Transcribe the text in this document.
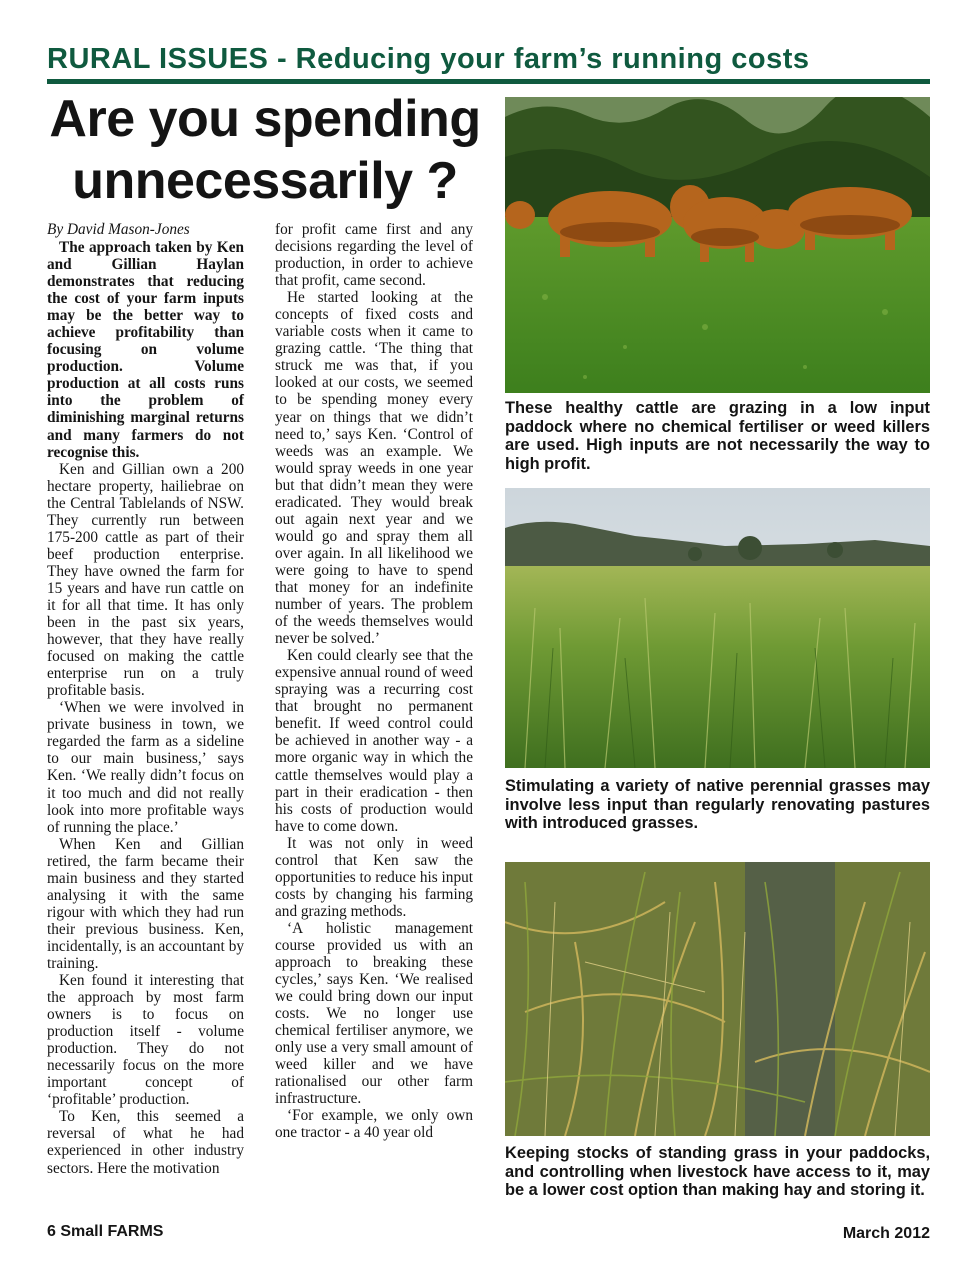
RURAL ISSUES - Reducing your farm’s running costs
Are you spending
unnecessarily ?

By David Mason-Jones

The approach taken by Ken and Gillian Haylan demonstrates that reducing the cost of your farm inputs may be the better way to achieve profitability than focusing on volume production. Volume production at all costs runs into the problem of diminishing marginal returns and many farmers do not recognise this.

Ken and Gillian own a 200 hectare property, hailiebrae on the Central Tablelands of NSW. They currently run between 175-200 cattle as part of their beef production enterprise. They have owned the farm for 15 years and have run cattle on it for all that time. It has only been in the past six years, however, that they have really focused on making the cattle enterprise run on a truly profitable basis.

‘When we were involved in private business in town, we regarded the farm as a sideline to our main business,’ says Ken. ‘We really didn’t focus on it too much and did not really look into more profitable ways of running the place.’

When Ken and Gillian retired, the farm became their main business and they started analysing it with the same rigour with which they had run their previous business. Ken, incidentally, is an accountant by training.

Ken found it interesting that the approach by most farm owners is to focus on production itself - volume production. They do not necessarily focus on the more important concept of ‘profitable’ production.

To Ken, this seemed a reversal of what he had experienced in other industry sectors. Here the motivation

for profit came first and any decisions regarding the level of production, in order to achieve that profit, came second.

He started looking at the concepts of fixed costs and variable costs when it came to grazing cattle. ‘The thing that struck me was that, if you looked at our costs, we seemed to be spending money every year on things that we didn’t need to,’ says Ken. ‘Control of weeds was an example. We would spray weeds in one year but that didn’t mean they were eradicated. They would break out again next year and we would go and spray them all over again. In all likelihood we were going to have to spend that money for an indefinite number of years. The problem of the weeds themselves would never be solved.’

Ken could clearly see that the expensive annual round of weed spraying was a recurring cost that brought no permanent benefit. If weed control could be achieved in another way - a more organic way in which the cattle themselves would play a part in their eradication - then his costs of production would have to come down.

It was not only in weed control that Ken saw the opportunities to reduce his input costs by changing his farming and grazing methods.

‘A holistic management course provided us with an approach to breaking these cycles,’ says Ken. ‘We realised we could bring down our input costs. We no longer use chemical fertiliser anymore, we only use a very small amount of weed killer and we have rationalised our other farm infrastructure.

‘For example, we only own one tractor - a 40 year old

These healthy cattle are grazing in a low input paddock where no chemical fertiliser or weed killers are used. High inputs are not necessarily the way to high profit.

Stimulating a variety of native perennial grasses may involve less input than regularly renovating pastures with introduced grasses.

Keeping stocks of standing grass in your paddocks, and controlling when livestock have access to it, may be a lower cost option than making hay and storing it.

6 Small FARMS	March 2012
